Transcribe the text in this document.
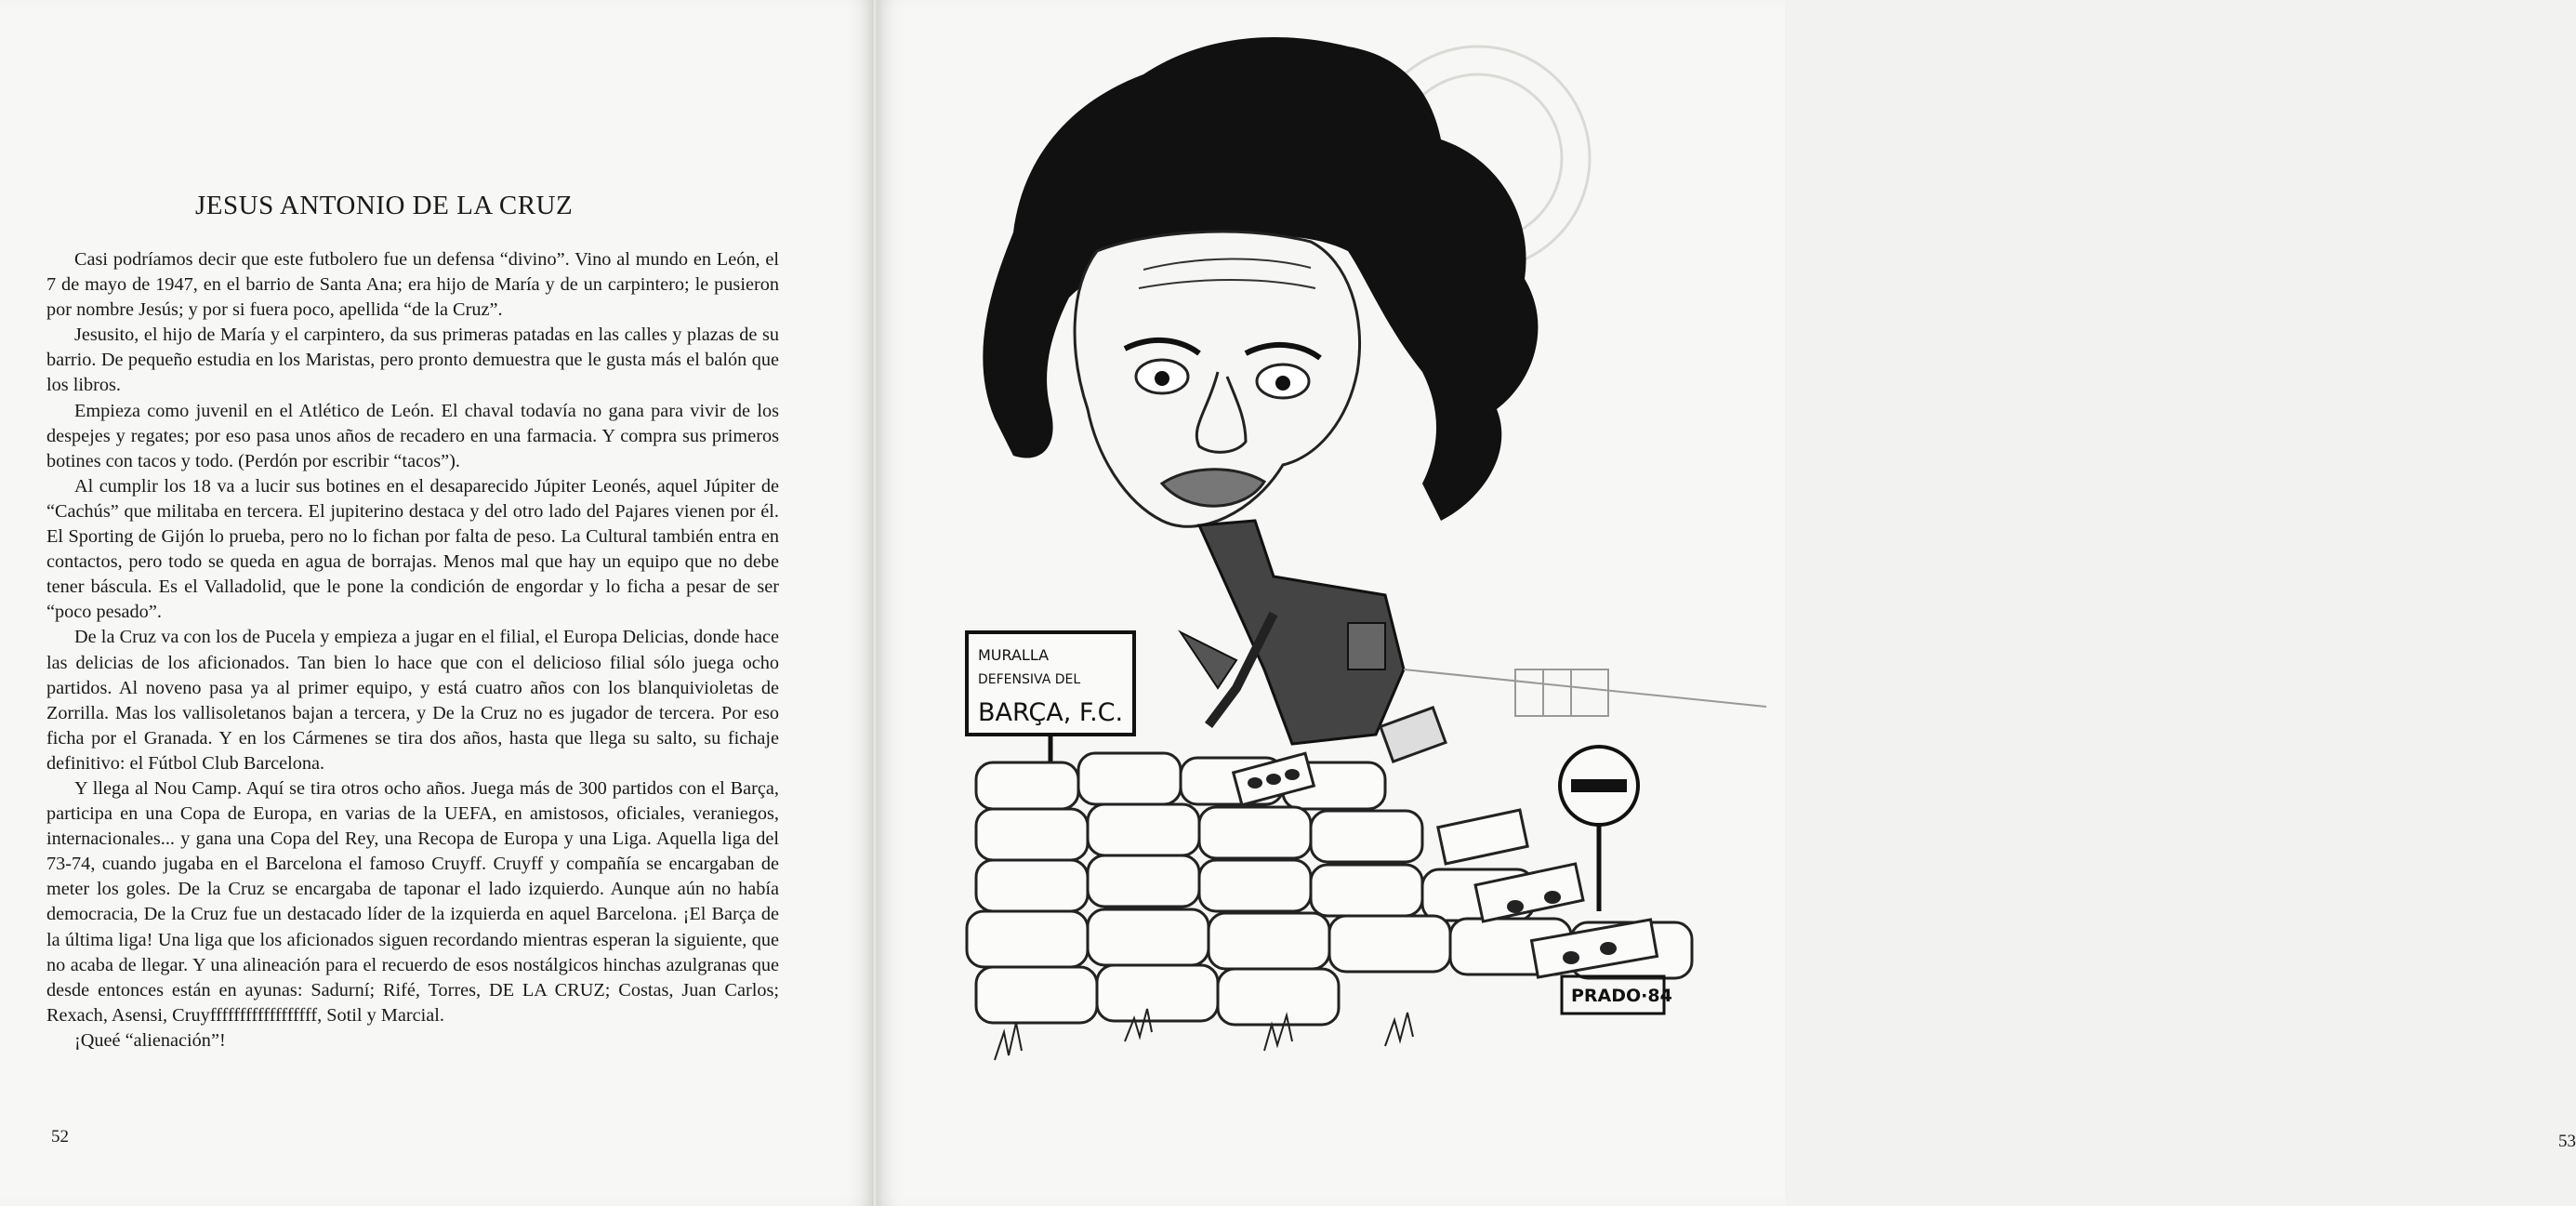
JESUS ANTONIO DE LA CRUZ

Casi podríamos decir que este futbolero fue un defensa “divino”. Vino al mundo en León, el 7 de mayo de 1947, en el barrio de Santa Ana; era hijo de María y de un carpintero; le pusieron por nombre Jesús; y por si fuera poco, apellida “de la Cruz”.

Jesusito, el hijo de María y el carpintero, da sus primeras patadas en las calles y plazas de su barrio. De pequeño estudia en los Maristas, pero pronto demuestra que le gusta más el balón que los libros.

Empieza como juvenil en el Atlético de León. El chaval todavía no gana para vivir de los despejes y regates; por eso pasa unos años de recadero en una farmacia. Y compra sus primeros botines con tacos y todo. (Perdón por escribir “tacos”).

Al cumplir los 18 va a lucir sus botines en el desaparecido Júpiter Leonés, aquel Júpiter de “Cachús” que militaba en tercera. El jupiterino destaca y del otro lado del Pajares vienen por él. El Sporting de Gijón lo prueba, pero no lo fichan por falta de peso. La Cultural también entra en contactos, pero todo se queda en agua de borrajas. Menos mal que hay un equipo que no debe tener báscula. Es el Valladolid, que le pone la condición de engordar y lo ficha a pesar de ser “poco pesado”.

De la Cruz va con los de Pucela y empieza a jugar en el filial, el Europa Delicias, donde hace las delicias de los aficionados. Tan bien lo hace que con el delicioso filial sólo juega ocho partidos. Al noveno pasa ya al primer equipo, y está cuatro años con los blanquivioletas de Zorrilla. Mas los vallisoletanos bajan a tercera, y De la Cruz no es jugador de tercera. Por eso ficha por el Granada. Y en los Cármenes se tira dos años, hasta que llega su salto, su fichaje definitivo: el Fútbol Club Barcelona.

Y llega al Nou Camp. Aquí se tira otros ocho años. Juega más de 300 partidos con el Barça, participa en una Copa de Europa, en varias de la UEFA, en amistosos, oficiales, veraniegos, internacionales... y gana una Copa del Rey, una Recopa de Europa y una Liga. Aquella liga del 73-74, cuando jugaba en el Barcelona el famoso Cruyff. Cruyff y compañía se encargaban de meter los goles. De la Cruz se encargaba de taponar el lado izquierdo. Aunque aún no había democracia, De la Cruz fue un destacado líder de la izquierda en aquel Barcelona. ¡El Barça de la última liga! Una liga que los aficionados siguen recordando mientras esperan la siguiente, que no acaba de llegar. Y una alineación para el recuerdo de esos nostálgicos hinchas azulgranas que desde entonces están en ayunas: Sadurní; Rifé, Torres, DE LA CRUZ; Costas, Juan Carlos; Rexach, Asensi, Cruyffffffffffffffffff, Sotil y Marcial.

¡Queé “alienación”!

52	53
MURALLA
DEFENSIVA DEL
BARÇA, F.C.
PRADO·84
